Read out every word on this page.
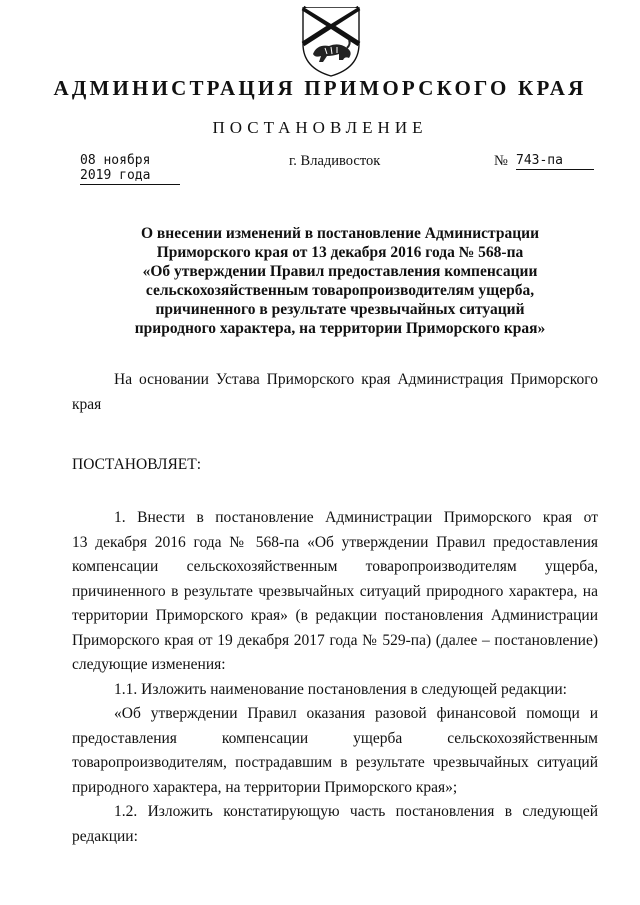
АДМИНИСТРАЦИЯ ПРИМОРСКОГО КРАЯ
ПОСТАНОВЛЕНИЕ
08 ноября 2019 года
г. Владивосток	№ 743-па
О внесении изменений в постановление Администрации
Приморского края от 13 декабря 2016 года № 568-па
«Об утверждении Правил предоставления компенсации
сельскохозяйственным товаропроизводителям ущерба,
причиненного в результате чрезвычайных ситуаций
природного характера, на территории Приморского края»
На основании Устава Приморского края Администрация Приморского
края
ПОСТАНОВЛЯЕТ:
1. Внести в постановление Администрации Приморского края от
13 декабря 2016 года № 568-па «Об утверждении Правил предоставления
компенсации сельскохозяйственным товаропроизводителям ущерба,
причиненного в результате чрезвычайных ситуаций природного характера, на
территории Приморского края» (в редакции постановления Администрации
Приморского края от 19 декабря 2017 года № 529-па) (далее – постановление)
следующие изменения:
1.1. Изложить наименование постановления в следующей редакции:
«Об утверждении Правил оказания разовой финансовой помощи и
предоставления компенсации ущерба сельскохозяйственным
товаропроизводителям, пострадавшим в результате чрезвычайных ситуаций
природного характера, на территории Приморского края»;
1.2. Изложить констатирующую часть постановления в следующей
редакции:
